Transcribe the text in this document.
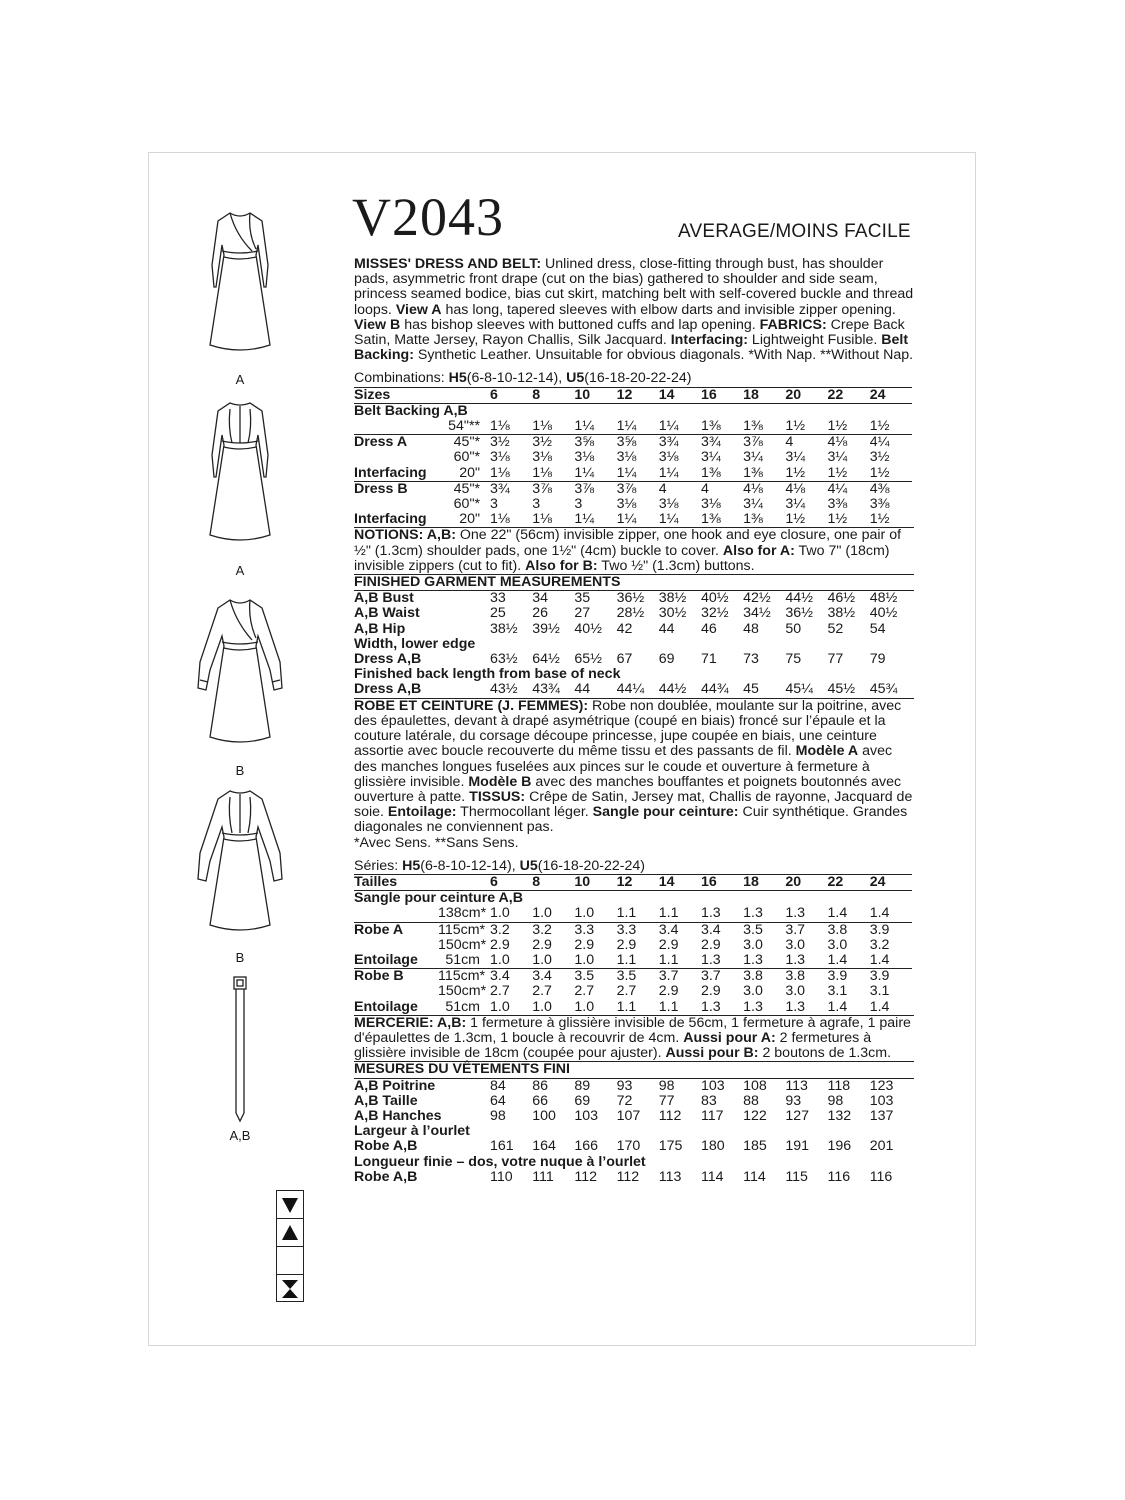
A
A
B
B
A,B
V2043	AVERAGE/MOINS FACILE

MISSES' DRESS AND BELT: Unlined dress, close-fitting through bust, has shoulder pads, asymmetric front drape (cut on the bias) gathered to shoulder and side seam, princess seamed bodice, bias cut skirt, matching belt with self-covered buckle and thread loops. View A has long, tapered sleeves with elbow darts and invisible zipper opening. View B has bishop sleeves with buttoned cuffs and lap opening. FABRICS: Crepe Back Satin, Matte Jersey, Rayon Challis, Silk Jacquard. Interfacing: Lightweight Fusible. Belt Backing: Synthetic Leather. Unsuitable for obvious diagonals. *With Nap. **Without Nap.

Combinations: H5(6-8-10-12-14), U5(16-18-20-22-24)

Sizes		6	8	10	12	14	16	18	20	22	24
Belt Backing A,B											
	54"**	1⅛	1⅛	1¼	1¼	1¼	1⅜	1⅜	1½	1½	1½
Dress A	45"*	3½	3½	3⅝	3⅝	3¾	3¾	3⅞	4	4⅛	4¼
	60"*	3⅛	3⅛	3⅛	3⅛	3⅛	3¼	3¼	3¼	3¼	3½
Interfacing	20"	1⅛	1⅛	1¼	1¼	1¼	1⅜	1⅜	1½	1½	1½
Dress B	45"*	3¾	3⅞	3⅞	3⅞	4	4	4⅛	4⅛	4¼	4⅜
	60"*	3	3	3	3⅛	3⅛	3⅛	3¼	3¼	3⅜	3⅜
Interfacing	20"	1⅛	1⅛	1¼	1¼	1¼	1⅜	1⅜	1½	1½	1½

NOTIONS: A,B: One 22" (56cm) invisible zipper, one hook and eye closure, one pair of ½" (1.3cm) shoulder pads, one 1½" (4cm) buckle to cover. Also for A: Two 7" (18cm) invisible zippers (cut to fit). Also for B: Two ½" (1.3cm) buttons.

FINISHED GARMENT MEASUREMENTS
A,B Bust		33	34	35	36½	38½	40½	42½	44½	46½	48½
A,B Waist		25	26	27	28½	30½	32½	34½	36½	38½	40½
A,B Hip		38½	39½	40½	42	44	46	48	50	52	54
Width, lower edge											
Dress A,B		63½	64½	65½	67	69	71	73	75	77	79
Finished back length from base of neck											
Dress A,B		43½	43¾	44	44¼	44½	44¾	45	45¼	45½	45¾

ROBE ET CEINTURE (J. FEMMES): Robe non doublée, moulante sur la poitrine, avec des épaulettes, devant à drapé asymétrique (coupé en biais) froncé sur l’épaule et la couture latérale, du corsage découpe princesse, jupe coupée en biais, une ceinture assortie avec boucle recouverte du même tissu et des passants de fil. Modèle A avec des manches longues fuselées aux pinces sur le coude et ouverture à fermeture à glissière invisible. Modèle B avec des manches bouffantes et poignets boutonnés avec ouverture à patte. TISSUS: Crêpe de Satin, Jersey mat, Challis de rayonne, Jacquard de soie. Entoilage: Thermocollant léger. Sangle pour ceinture: Cuir synthétique. Grandes diagonales ne conviennent pas.
*Avec Sens. **Sans Sens.

Séries: H5(6-8-10-12-14), U5(16-18-20-22-24)

Tailles		6	8	10	12	14	16	18	20	22	24
Sangle pour ceinture A,B											
	138cm*	1.0	1.0	1.0	1.1	1.1	1.3	1.3	1.3	1.4	1.4
Robe A	115cm*	3.2	3.2	3.3	3.3	3.4	3.4	3.5	3.7	3.8	3.9
	150cm*	2.9	2.9	2.9	2.9	2.9	2.9	3.0	3.0	3.0	3.2
Entoilage	51cm	1.0	1.0	1.0	1.1	1.1	1.3	1.3	1.3	1.4	1.4
Robe B	115cm*	3.4	3.4	3.5	3.5	3.7	3.7	3.8	3.8	3.9	3.9
	150cm*	2.7	2.7	2.7	2.7	2.9	2.9	3.0	3.0	3.1	3.1
Entoilage	51cm	1.0	1.0	1.0	1.1	1.1	1.3	1.3	1.3	1.4	1.4

MERCERIE: A,B: 1 fermeture à glissière invisible de 56cm, 1 fermeture à agrafe, 1 paire d'épaulettes de 1.3cm, 1 boucle à recouvrir de 4cm. Aussi pour A: 2 fermetures à glissière invisible de 18cm (coupée pour ajuster). Aussi pour B: 2 boutons de 1.3cm.

MESURES DU VÊTEMENTS FINI
A,B Poitrine		84	86	89	93	98	103	108	113	118	123
A,B Taille		64	66	69	72	77	83	88	93	98	103
A,B Hanches		98	100	103	107	112	117	122	127	132	137
Largeur à l’ourlet											
Robe A,B		161	164	166	170	175	180	185	191	196	201
Longueur finie – dos, votre nuque à l’ourlet											
Robe A,B		110	111	112	112	113	114	114	115	116	116
